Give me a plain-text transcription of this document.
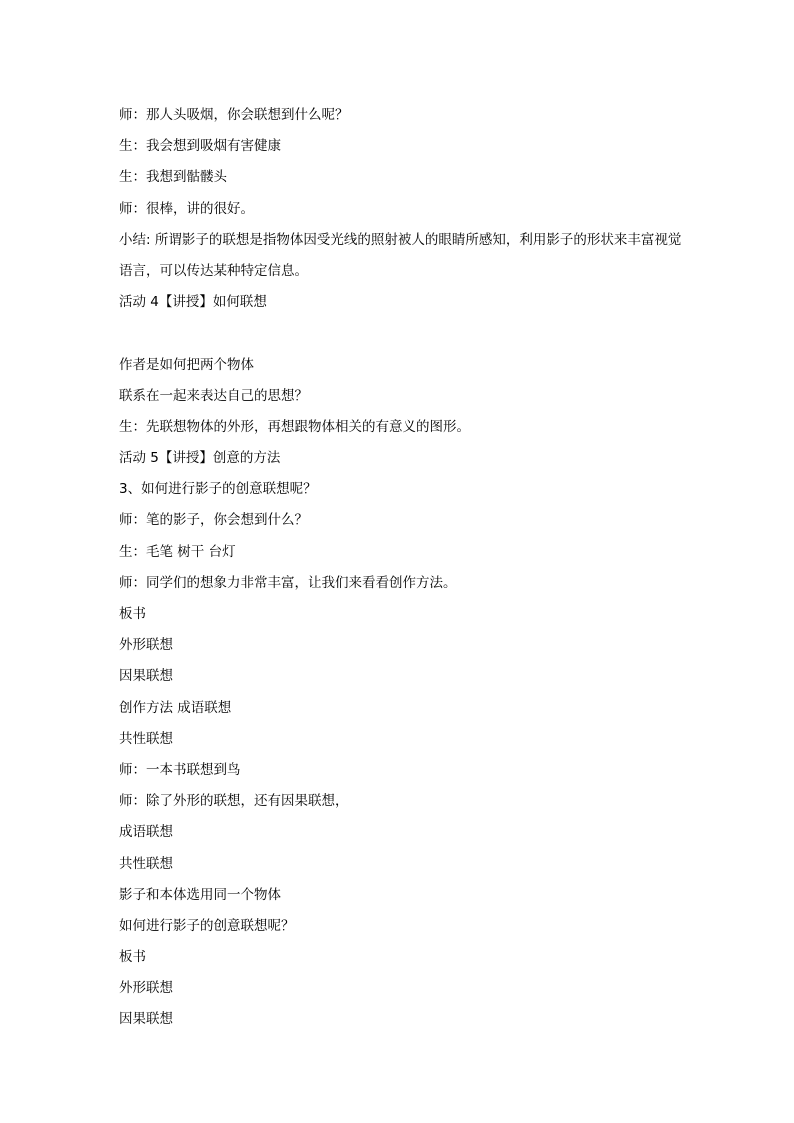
师：那人头吸烟，你会联想到什么呢？

生：我会想到吸烟有害健康

生：我想到骷髅头

师：很棒，讲的很好。

小结: 所谓影子的联想是指物体因受光线的照射被人的眼睛所感知，利用影子的形状来丰富视觉语言，可以传达某种特定信息。

活动 4【讲授】如何联想

作者是如何把两个物体

联系在一起来表达自己的思想？

生：先联想物体的外形，再想跟物体相关的有意义的图形。

活动 5【讲授】创意的方法

3、如何进行影子的创意联想呢？

师：笔的影子，你会想到什么？

生：毛笔 树干 台灯

师：同学们的想象力非常丰富，让我们来看看创作方法。

板书

外形联想

因果联想

创作方法 成语联想

共性联想

师：一本书联想到鸟

师：除了外形的联想，还有因果联想，

成语联想

共性联想

影子和本体选用同一个物体

如何进行影子的创意联想呢？

板书

外形联想

因果联想
